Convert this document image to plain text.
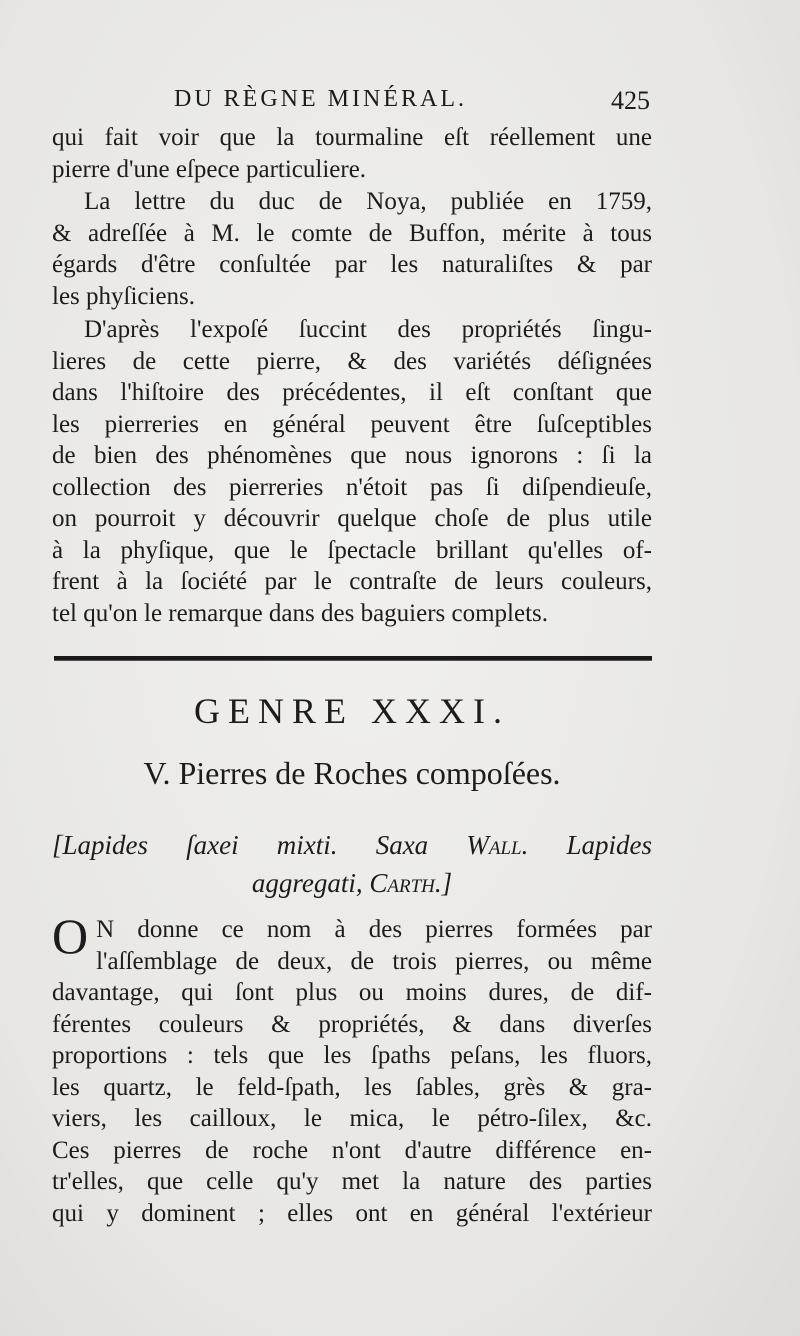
DU RÈGNE MINÉRAL.	425
qui fait voir que la tourmaline eſt réellement une
pierre d'une eſpece particuliere.
La lettre du duc de Noya, publiée en 1759,
& adreſſée à M. le comte de Buffon, mérite à tous
égards d'être conſultée par les naturaliſtes & par
les phyſiciens.
D'après l'expoſé ſuccint des propriétés ſingu-
lieres de cette pierre, & des variétés déſignées
dans l'hiſtoire des précédentes, il eſt conſtant que
les pierreries en général peuvent être ſuſceptibles
de bien des phénomènes que nous ignorons : ſi la
collection des pierreries n'étoit pas ſi diſpendieuſe,
on pourroit y découvrir quelque choſe de plus utile
à la phyſique, que le ſpectacle brillant qu'elles of-
frent à la ſociété par le contraſte de leurs couleurs,
tel qu'on le remarque dans des baguiers complets.
GENRE XXXI.
V. Pierres de Roches compoſées.
[Lapides ſaxei mixti. Saxa Wall. Lapides
aggregati, Carth.]
O N donne ce nom à des pierres formées par
l'aſſemblage de deux, de trois pierres, ou même
davantage, qui ſont plus ou moins dures, de dif-
férentes couleurs & propriétés, & dans diverſes
proportions : tels que les ſpaths peſans, les fluors,
les quartz, le feld-ſpath, les ſables, grès & gra-
viers, les cailloux, le mica, le pétro-ſilex, &c.
Ces pierres de roche n'ont d'autre différence en-
tr'elles, que celle qu'y met la nature des parties
qui y dominent ; elles ont en général l'extérieur
